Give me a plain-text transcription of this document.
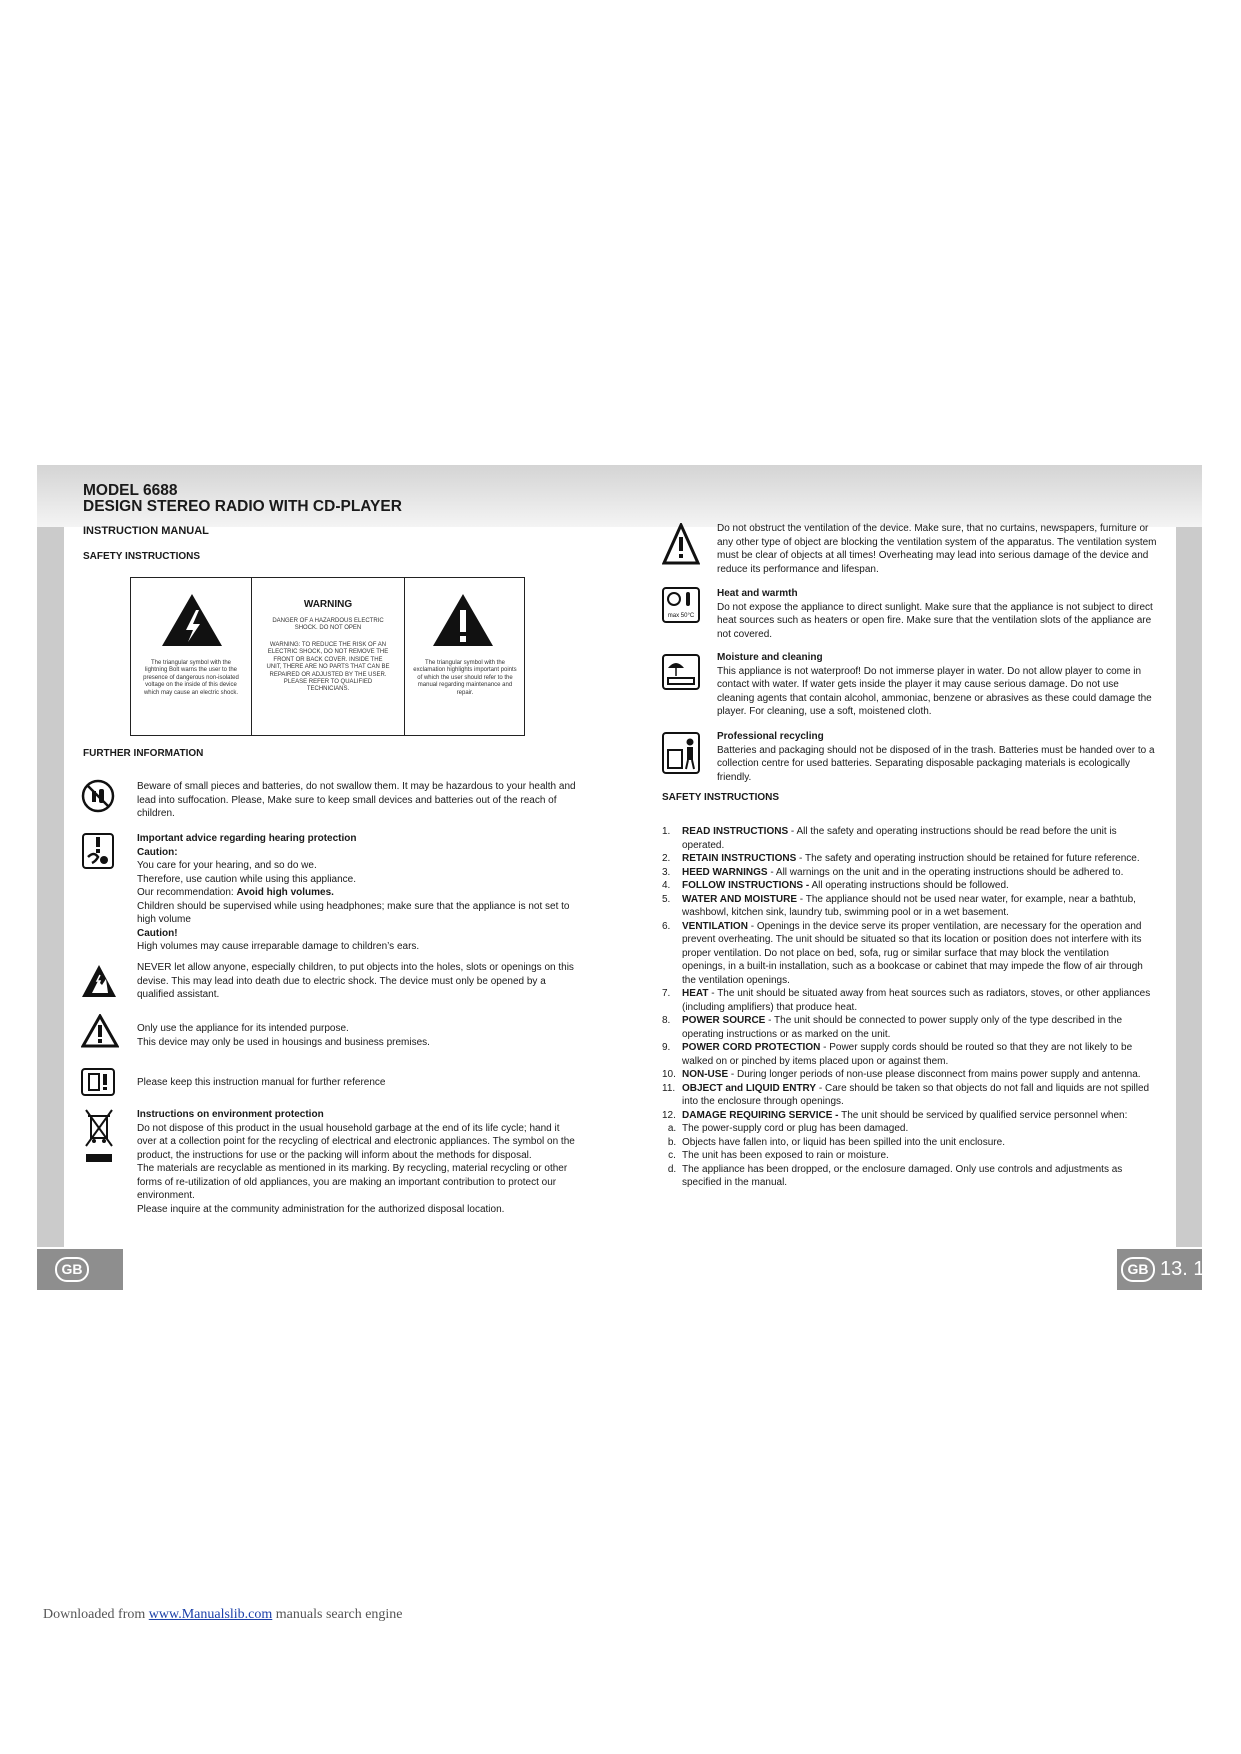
GB	GB 13. 1
MODEL 6688
DESIGN STEREO RADIO WITH CD-PLAYER
INSTRUCTION MANUAL
SAFETY INSTRUCTIONS
The triangular symbol with the lightning Bolt warns the user to the presence of dangerous non-isolated voltage on the inside of this device which may cause an electric shock.
WARNING
DANGER OF A HAZARDOUS ELECTRIC SHOCK. DO NOT OPEN
WARNING: TO REDUCE THE RISK OF AN ELECTRIC SHOCK, DO NOT REMOVE THE FRONT OR BACK COVER. INSIDE THE UNIT, THERE ARE NO PARTS THAT CAN BE REPAIRED OR ADJUSTED BY THE USER. PLEASE REFER TO QUALIFIED TECHNICIANS.
The triangular symbol with the exclamation highlights important points of which the user should refer to the manual regarding maintenance and repair.
FURTHER INFORMATION
Beware of small pieces and batteries, do not swallow them. It may be hazardous to your health and lead into suffocation. Please, Make sure to keep small devices and batteries out of the reach of children.
Important advice regarding hearing protection
Caution:
You care for your hearing, and so do we.
Therefore, use caution while using this appliance.
Our recommendation: Avoid high volumes.
Children should be supervised while using headphones; make sure that the appliance is not set to high volume
Caution!
High volumes may cause irreparable damage to children’s ears.
NEVER let allow anyone, especially children, to put objects into the holes, slots or openings on this devise. This may lead into death due to electric shock. The device must only be opened by a qualified assistant.
Only use the appliance for its intended purpose.
This device may only be used in housings and business premises.
Please keep this instruction manual for further reference
Instructions on environment protection
Do not dispose of this product in the usual household garbage at the end of its life cycle; hand it over at a collection point for the recycling of electrical and electronic appliances. The symbol on the product, the instructions for use or the packing will inform about the methods for disposal.
The materials are recyclable as mentioned in its marking. By recycling, material recycling or other forms of re-utilization of old appliances, you are making an important contribution to protect our environment.
Please inquire at the community administration for the authorized disposal location.
Do not obstruct the ventilation of the device. Make sure, that no curtains, newspapers, furniture or any other type of object are blocking the ventilation system of the apparatus. The ventilation system must be clear of objects at all times! Overheating may lead into serious damage of the device and reduce its performance and lifespan.
max 50°C
Heat and warmth
Do not expose the appliance to direct sunlight. Make sure that the appliance is not subject to direct heat sources such as heaters or open fire. Make sure that the ventilation slots of the appliance are not covered.
Moisture and cleaning
This appliance is not waterproof! Do not immerse player in water. Do not allow player to come in contact with water. If water gets inside the player it may cause serious damage. Do not use cleaning agents that contain alcohol, ammoniac, benzene or abrasives as these could damage the player. For cleaning, use a soft, moistened cloth.
Professional recycling
Batteries and packaging should not be disposed of in the trash. Batteries must be handed over to a collection centre for used batteries. Separating disposable packaging materials is ecologically friendly.
SAFETY INSTRUCTIONS
1.	READ INSTRUCTIONS - All the safety and operating instructions should be read before the unit is operated.
2.	RETAIN INSTRUCTIONS - The safety and operating instruction should be retained for future reference.
3.	HEED WARNINGS - All warnings on the unit and in the operating instructions should be adhered to.
4.	FOLLOW INSTRUCTIONS - All operating instructions should be followed.
5.	WATER AND MOISTURE - The appliance should not be used near water, for example, near a bathtub, washbowl, kitchen sink, laundry tub, swimming pool or in a wet basement.
6.	VENTILATION - Openings in the device serve its proper ventilation, are necessary for the operation and prevent overheating. The unit should be situated so that its location or position does not interfere with its proper ventilation. Do not place on bed, sofa, rug or similar surface that may block the ventilation openings, in a built-in installation, such as a bookcase or cabinet that may impede the flow of air through the ventilation openings.
7.	HEAT - The unit should be situated away from heat sources such as radiators, stoves, or other appliances (including amplifiers) that produce heat.
8.	POWER SOURCE - The unit should be connected to power supply only of the type described in the operating instructions or as marked on the unit.
9.	POWER CORD PROTECTION - Power supply cords should be routed so that they are not likely to be walked on or pinched by items placed upon or against them.
10. NON-USE - During longer periods of non-use please disconnect from mains power supply and antenna.
11. OBJECT and LIQUID ENTRY - Care should be taken so that objects do not fall and liquids are not spilled into the enclosure through openings.
12. DAMAGE REQUIRING SERVICE - The unit should be serviced by qualified service personnel when:
a. The power-supply cord or plug has been damaged.
b. Objects have fallen into, or liquid has been spilled into the unit enclosure.
c. The unit has been exposed to rain or moisture.
d. The appliance has been dropped, or the enclosure damaged. Only use controls and adjustments as specified in the manual.
Downloaded from www.Manualslib.com manuals search engine
